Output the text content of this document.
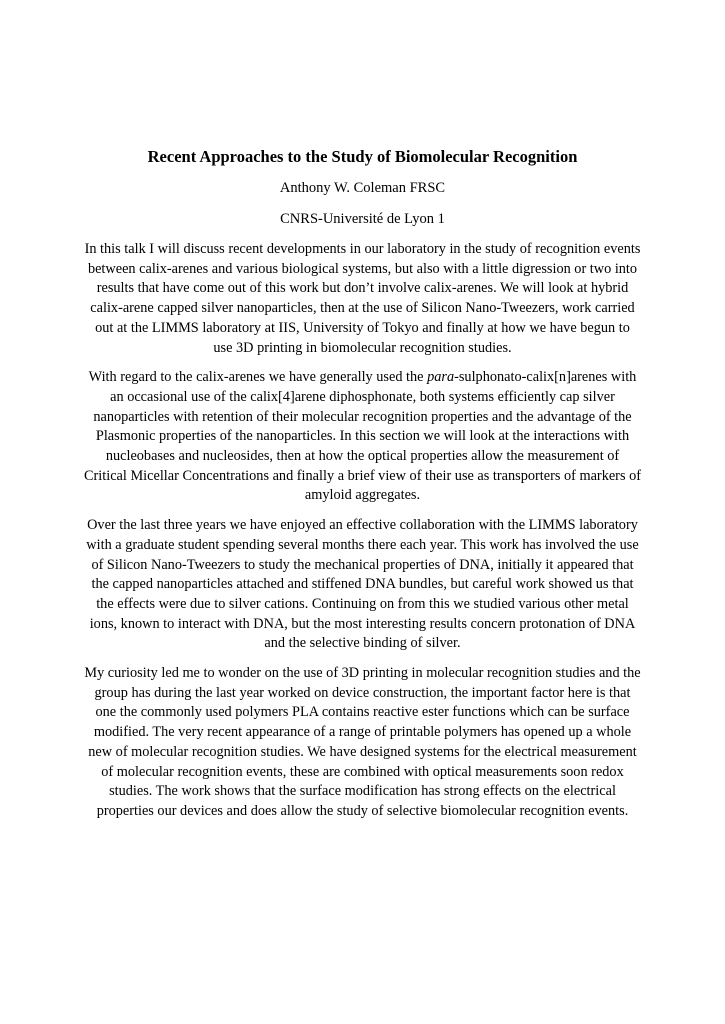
Recent Approaches to the Study of Biomolecular Recognition
Anthony W. Coleman FRSC
CNRS-Université de Lyon 1

In this talk I will discuss recent developments in our laboratory in the study of recognition events between calix-arenes and various biological systems, but also with a little digression or two into results that have come out of this work but don’t involve calix-arenes. We will look at hybrid calix-arene capped silver nanoparticles, then at the use of Silicon Nano-Tweezers, work carried out at the LIMMS laboratory at IIS, University of Tokyo and finally at how we have begun to use 3D printing in biomolecular recognition studies.

With regard to the calix-arenes we have generally used the para-sulphonato-calix[n]arenes with an occasional use of the calix[4]arene diphosphonate, both systems efficiently cap silver nanoparticles with retention of their molecular recognition properties and the advantage of the Plasmonic properties of the nanoparticles. In this section we will look at the interactions with nucleobases and nucleosides, then at how the optical properties allow the measurement of Critical Micellar Concentrations and finally a brief view of their use as transporters of markers of amyloid aggregates.

Over the last three years we have enjoyed an effective collaboration with the LIMMS laboratory with a graduate student spending several months there each year. This work has involved the use of Silicon Nano-Tweezers to study the mechanical properties of DNA, initially it appeared that the capped nanoparticles attached and stiffened DNA bundles, but careful work showed us that the effects were due to silver cations. Continuing on from this we studied various other metal ions, known to interact with DNA, but the most interesting results concern protonation of DNA and the selective binding of silver.

My curiosity led me to wonder on the use of 3D printing in molecular recognition studies and the group has during the last year worked on device construction, the important factor here is that one the commonly used polymers PLA contains reactive ester functions which can be surface modified. The very recent appearance of a range of printable polymers has opened up a whole new of molecular recognition studies. We have designed systems for the electrical measurement of molecular recognition events, these are combined with optical measurements soon redox studies. The work shows that the surface modification has strong effects on the electrical properties our devices and does allow the study of selective biomolecular recognition events.
